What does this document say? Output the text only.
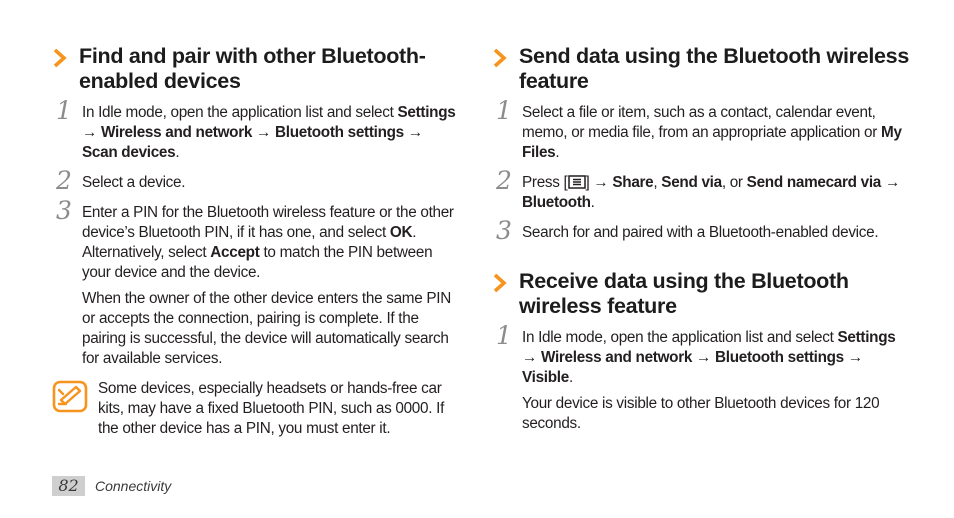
Find and pair with other Bluetooth-enabled devices
1 In Idle mode, open the application list and select Settings → Wireless and network → Bluetooth settings → Scan devices.
2 Select a device.
3 Enter a PIN for the Bluetooth wireless feature or the other device’s Bluetooth PIN, if it has one, and select OK. Alternatively, select Accept to match the PIN between your device and the device.
When the owner of the other device enters the same PIN or accepts the connection, pairing is complete. If the pairing is successful, the device will automatically search for available services.
Some devices, especially headsets or hands-free car kits, may have a fixed Bluetooth PIN, such as 0000. If the other device has a PIN, you must enter it.
Send data using the Bluetooth wireless feature
1 Select a file or item, such as a contact, calendar event, memo, or media file, from an appropriate application or My Files.
2 Press [ ] → Share, Send via, or Send namecard via → Bluetooth.
3 Search for and paired with a Bluetooth-enabled device.
Receive data using the Bluetooth wireless feature
1 In Idle mode, open the application list and select Settings → Wireless and network → Bluetooth settings → Visible.
Your device is visible to other Bluetooth devices for 120 seconds.
82	Connectivity
